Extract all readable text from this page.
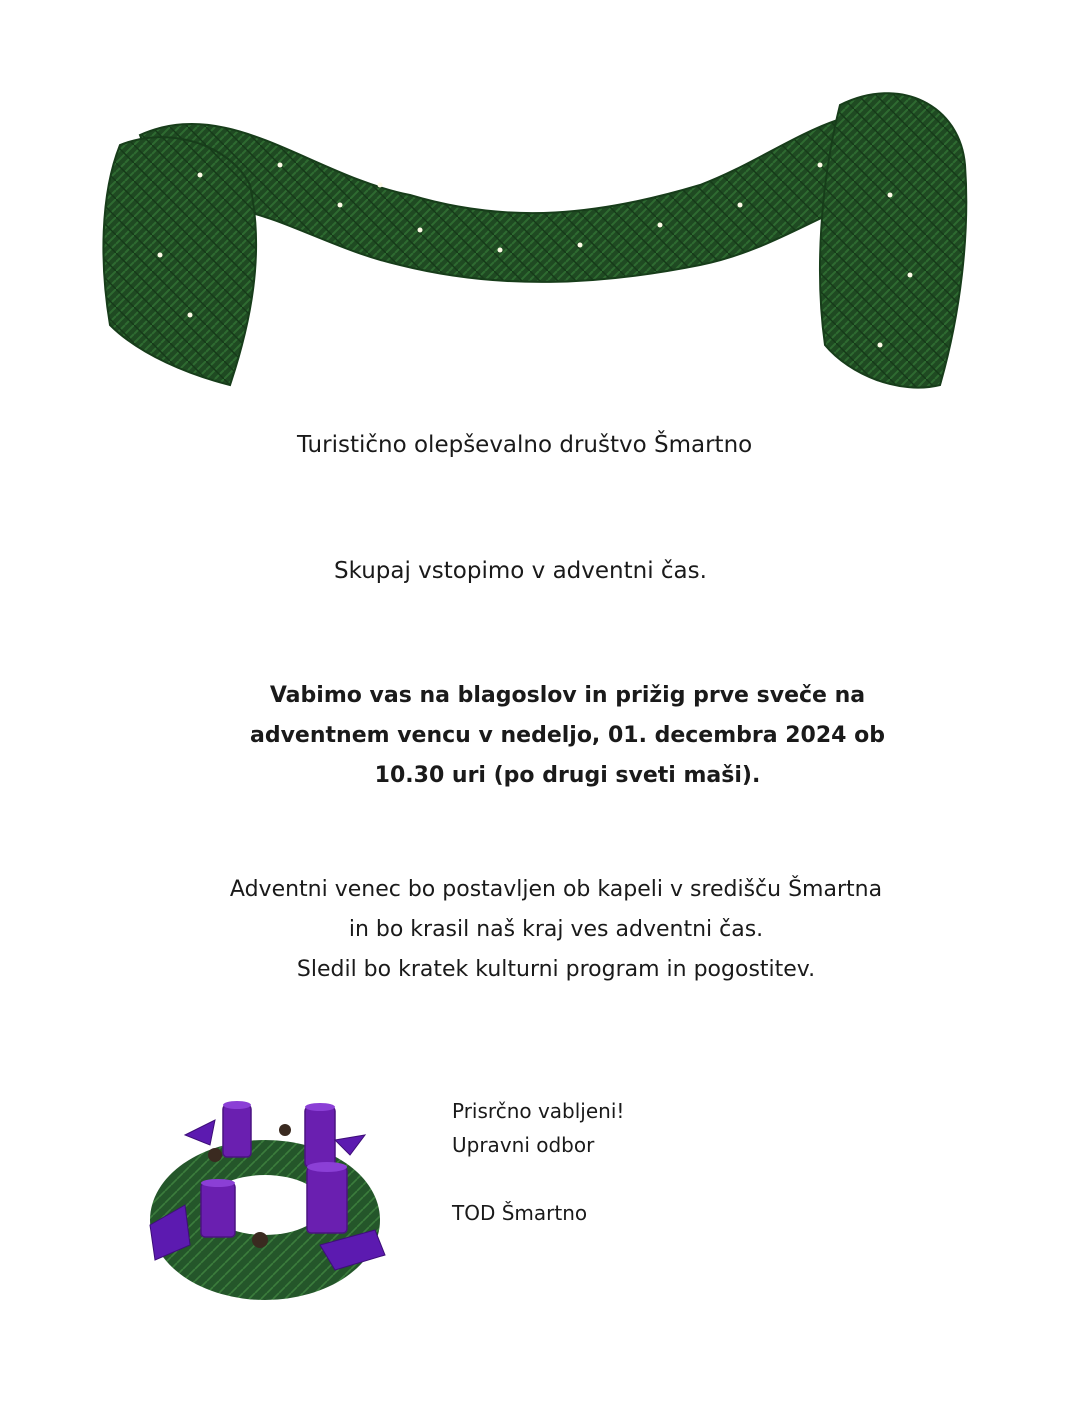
Turistično olepševalno društvo Šmartno
Skupaj vstopimo v adventni čas.
Vabimo vas na blagoslov in prižig prve sveče na
adventnem vencu v nedeljo, 01. decembra 2024 ob
10.30 uri (po drugi sveti maši).
Adventni venec bo postavljen ob kapeli v središču Šmartna
in bo krasil naš kraj ves adventni čas.
Sledil bo kratek kulturni program in pogostitev.
Prisrčno vabljeni!
Upravni odbor
TOD Šmartno
